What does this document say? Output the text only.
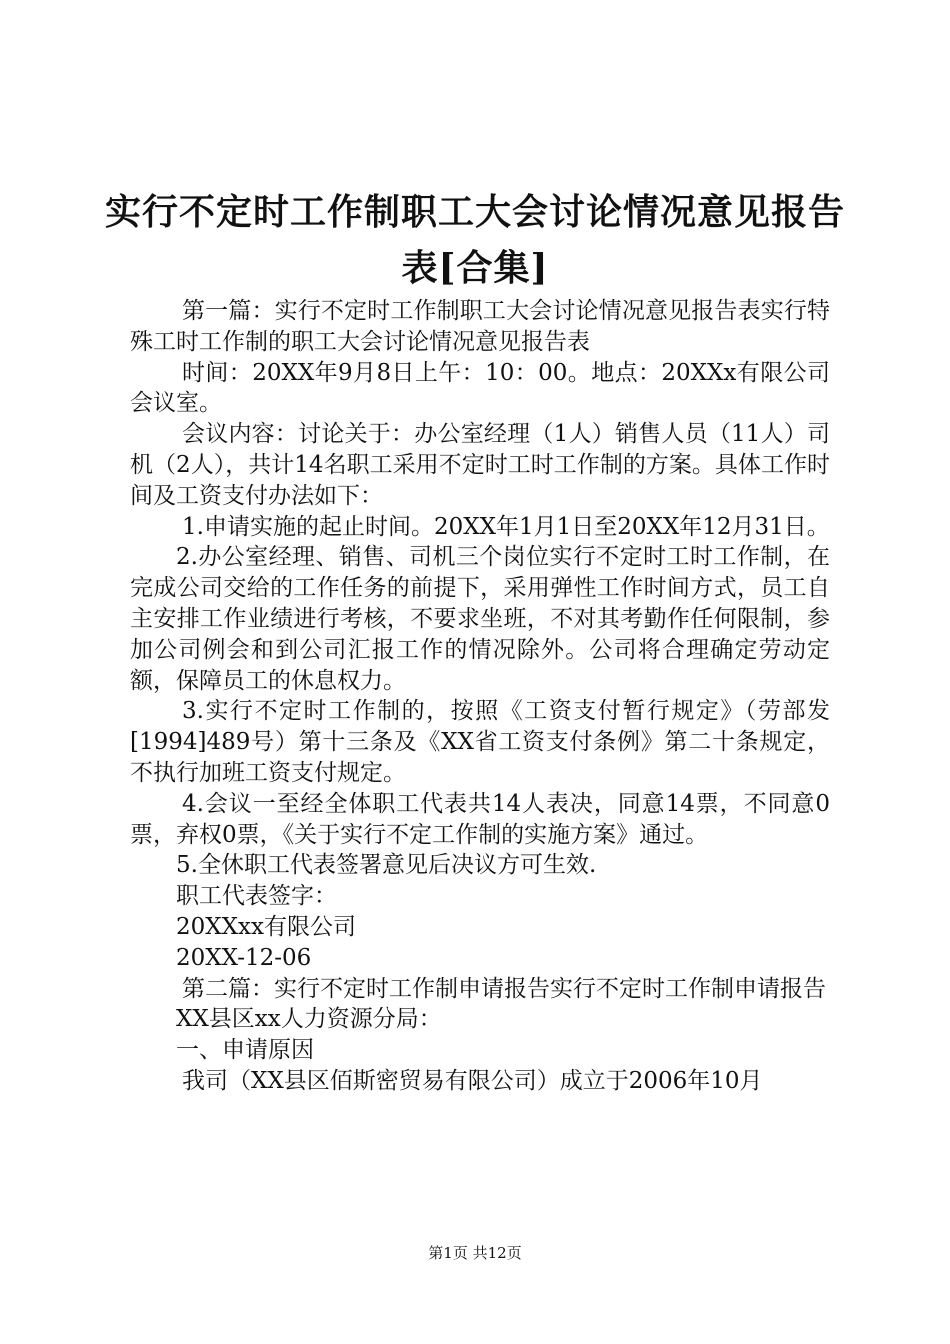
实行不定时工作制职工大会讨论情况意见报告
表[合集]

第一篇：实行不定时工作制职工大会讨论情况意见报告表实行特殊工时工作制的职工大会讨论情况意见报告表

时间：20XX年9月8日上午：10：00。地点：20XXx有限公司会议室。

会议内容：讨论关于：办公室经理（1人）销售人员（11人）司机（2人），共计14名职工采用不定时工时工作制的方案。具体工作时间及工资支付办法如下：

1.申请实施的起止时间。20XX年1月1日至20XX年12月31日。

2.办公室经理、销售、司机三个岗位实行不定时工时工作制，在完成公司交给的工作任务的前提下，采用弹性工作时间方式，员工自主安排工作业绩进行考核，不要求坐班，不对其考勤作任何限制，参加公司例会和到公司汇报工作的情况除外。公司将合理确定劳动定额，保障员工的休息权力。

3.实行不定时工作制的，按照《工资支付暂行规定》（劳部发[1994]489号）第十三条及《XX省工资支付条例》第二十条规定，不执行加班工资支付规定。

4.会议一至经全体职工代表共14人表决，同意14票，不同意0票，弃权0票，《关于实行不定工作制的实施方案》通过。

5.全休职工代表签署意见后决议方可生效.

职工代表签字：

20XXxx有限公司

20XX-12-06

第二篇：实行不定时工作制申请报告实行不定时工作制申请报告

XX县区xx人力资源分局：

一、申请原因

我司（XX县区佰斯密贸易有限公司）成立于2006年10月

第1页 共12页
